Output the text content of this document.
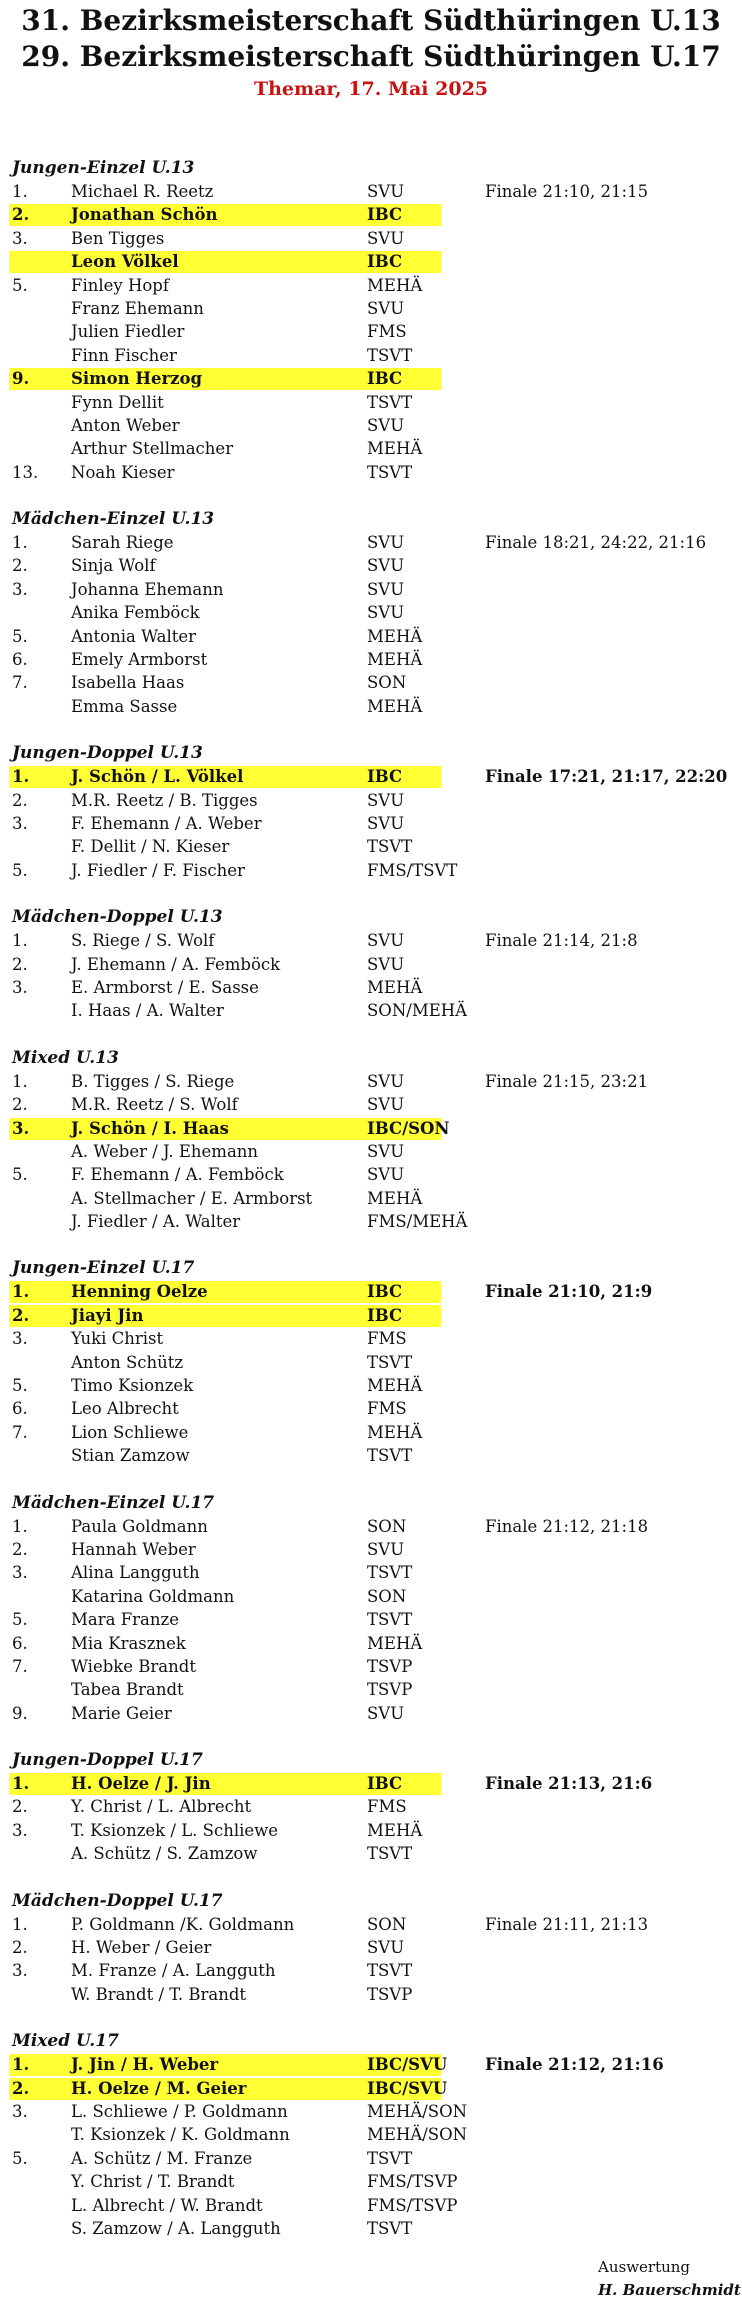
31. Bezirksmeisterschaft Südthüringen U.13
29. Bezirksmeisterschaft Südthüringen U.17
Themar, 17. Mai 2025
Jungen-Einzel U.13
1.	Michael R. Reetz	SVU	Finale 21:10, 21:15
2.	Jonathan Schön	IBC
3.	Ben Tigges	SVU
Leon Völkel	IBC
5.	Finley Hopf	MEHÄ
Franz Ehemann	SVU
Julien Fiedler	FMS
Finn Fischer	TSVT
9.	Simon Herzog	IBC
Fynn Dellit	TSVT
Anton Weber	SVU
Arthur Stellmacher	MEHÄ
13. Noah Kieser	TSVT
Mädchen-Einzel U.13
1.	Sarah Riege	SVU	Finale 18:21, 24:22, 21:16
2.	Sinja Wolf	SVU
3.	Johanna Ehemann	SVU
Anika Femböck	SVU
5.	Antonia Walter	MEHÄ
6.	Emely Armborst	MEHÄ
7.	Isabella Haas	SON
Emma Sasse	MEHÄ
Jungen-Doppel U.13
1.	J. Schön / L. Völkel	IBC	Finale 17:21, 21:17, 22:20
2.	M.R. Reetz / B. Tigges	SVU
3.	F. Ehemann / A. Weber	SVU
F. Dellit / N. Kieser	TSVT
5.	J. Fiedler / F. Fischer	FMS/TSVT
Mädchen-Doppel U.13
1.	S. Riege / S. Wolf	SVU	Finale 21:14, 21:8
2.	J. Ehemann / A. Femböck	SVU
3.	E. Armborst / E. Sasse	MEHÄ
I. Haas / A. Walter	SON/MEHÄ
Mixed U.13
1.	B. Tigges / S. Riege	SVU	Finale 21:15, 23:21
2.	M.R. Reetz / S. Wolf	SVU
3.	J. Schön / I. Haas	IBC/SON
A. Weber / J. Ehemann	SVU
5.	F. Ehemann / A. Femböck	SVU
A. Stellmacher / E. Armborst	MEHÄ
J. Fiedler / A. Walter	FMS/MEHÄ
Jungen-Einzel U.17
1.	Henning Oelze	IBC	Finale 21:10, 21:9
2.	Jiayi Jin	IBC
3.	Yuki Christ	FMS
Anton Schütz	TSVT
5.	Timo Ksionzek	MEHÄ
6.	Leo Albrecht	FMS
7.	Lion Schliewe	MEHÄ
Stian Zamzow	TSVT
Mädchen-Einzel U.17
1.	Paula Goldmann	SON	Finale 21:12, 21:18
2.	Hannah Weber	SVU
3.	Alina Langguth	TSVT
Katarina Goldmann	SON
5.	Mara Franze	TSVT
6.	Mia Krasznek	MEHÄ
7.	Wiebke Brandt	TSVP
Tabea Brandt	TSVP
9.	Marie Geier	SVU
Jungen-Doppel U.17
1.	H. Oelze / J. Jin	IBC	Finale 21:13, 21:6
2.	Y. Christ / L. Albrecht	FMS
3.	T. Ksionzek / L. Schliewe	MEHÄ
A. Schütz / S. Zamzow	TSVT
Mädchen-Doppel U.17
1.	P. Goldmann /K. Goldmann	SON	Finale 21:11, 21:13
2.	H. Weber / Geier	SVU
3.	M. Franze / A. Langguth	TSVT
W. Brandt / T. Brandt	TSVP
Mixed U.17
1.	J. Jin / H. Weber	IBC/SVU Finale 21:12, 21:16
2.	H. Oelze / M. Geier	IBC/SVU
3.	L. Schliewe / P. Goldmann	MEHÄ/SON
T. Ksionzek / K. Goldmann	MEHÄ/SON
5.	A. Schütz / M. Franze	TSVT
Y. Christ / T. Brandt	FMS/TSVP
L. Albrecht / W. Brandt	FMS/TSVP
S. Zamzow / A. Langguth	TSVT
Auswertung
H. Bauerschmidt
